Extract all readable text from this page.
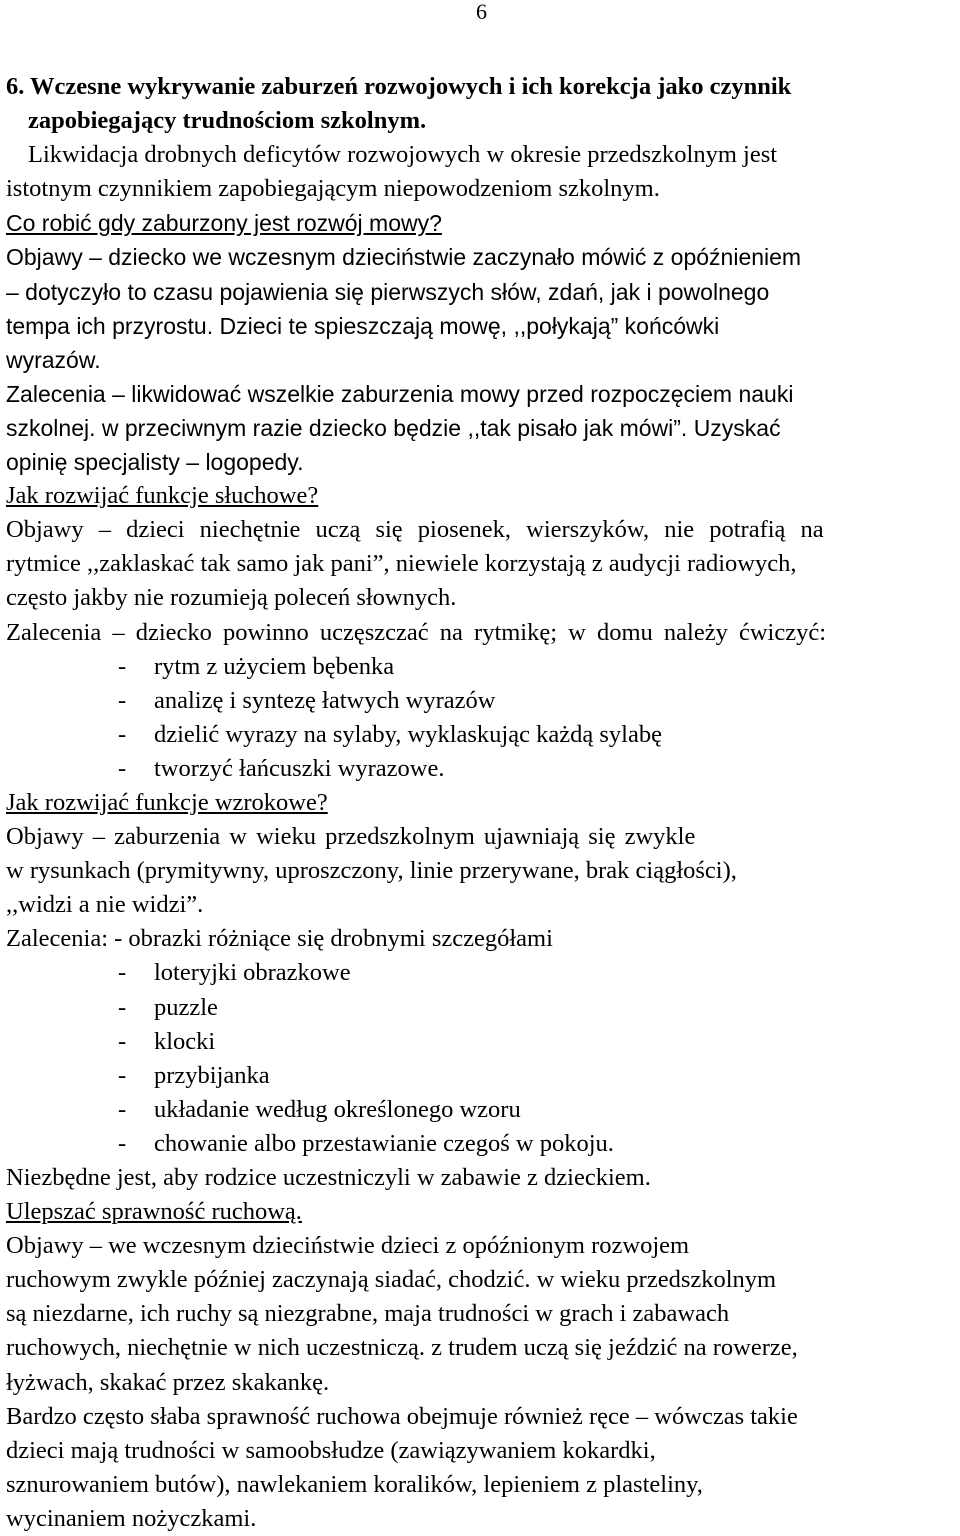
6
6. Wczesne wykrywanie zaburzeń rozwojowych i ich korekcja jako czynnik
zapobiegający trudnościom szkolnym.
Likwidacja drobnych deficytów rozwojowych w okresie przedszkolnym jest
istotnym czynnikiem zapobiegającym niepowodzeniom szkolnym.
Co robić gdy zaburzony jest rozwój mowy?
Objawy – dziecko we wczesnym dzieciństwie zaczynało mówić z opóźnieniem
– dotyczyło to czasu pojawienia się pierwszych słów, zdań, jak i powolnego
tempa ich przyrostu. Dzieci te spieszczają mowę, ,,połykają” końcówki
wyrazów.
Zalecenia – likwidować wszelkie zaburzenia mowy przed rozpoczęciem nauki
szkolnej. w przeciwnym razie dziecko będzie ,,tak pisało jak mówi”. Uzyskać
opinię specjalisty – logopedy.
Jak rozwijać funkcje słuchowe?
Objawy – dzieci niechętnie uczą się piosenek, wierszyków, nie potrafią na
rytmice ,,zaklaskać tak samo jak pani”, niewiele korzystają z audycji radiowych,
często jakby nie rozumieją poleceń słownych.
Zalecenia – dziecko powinno uczęszczać na rytmikę; w domu należy ćwiczyć:
- rytm z użyciem bębenka
- analizę i syntezę łatwych wyrazów
- dzielić wyrazy na sylaby, wyklaskując każdą sylabę
- tworzyć łańcuszki wyrazowe.
Jak rozwijać funkcje wzrokowe?
Objawy – zaburzenia w wieku przedszkolnym ujawniają się zwykle
w rysunkach (prymitywny, uproszczony, linie przerywane, brak ciągłości),
,,widzi a nie widzi”.
Zalecenia: - obrazki różniące się drobnymi szczegółami
- loteryjki obrazkowe
- puzzle
- klocki
- przybijanka
- układanie według określonego wzoru
- chowanie albo przestawianie czegoś w pokoju.
Niezbędne jest, aby rodzice uczestniczyli w zabawie z dzieckiem.
Ulepszać sprawność ruchową.
Objawy – we wczesnym dzieciństwie dzieci z opóźnionym rozwojem
ruchowym zwykle później zaczynają siadać, chodzić. w wieku przedszkolnym
są niezdarne, ich ruchy są niezgrabne, maja trudności w grach i zabawach
ruchowych, niechętnie w nich uczestniczą. z trudem uczą się jeździć na rowerze,
łyżwach, skakać przez skakankę.
Bardzo często słaba sprawność ruchowa obejmuje również ręce – wówczas takie
dzieci mają trudności w samoobsłudze (zawiązywaniem kokardki,
sznurowaniem butów), nawlekaniem koralików, lepieniem z plasteliny,
wycinaniem nożyczkami.
